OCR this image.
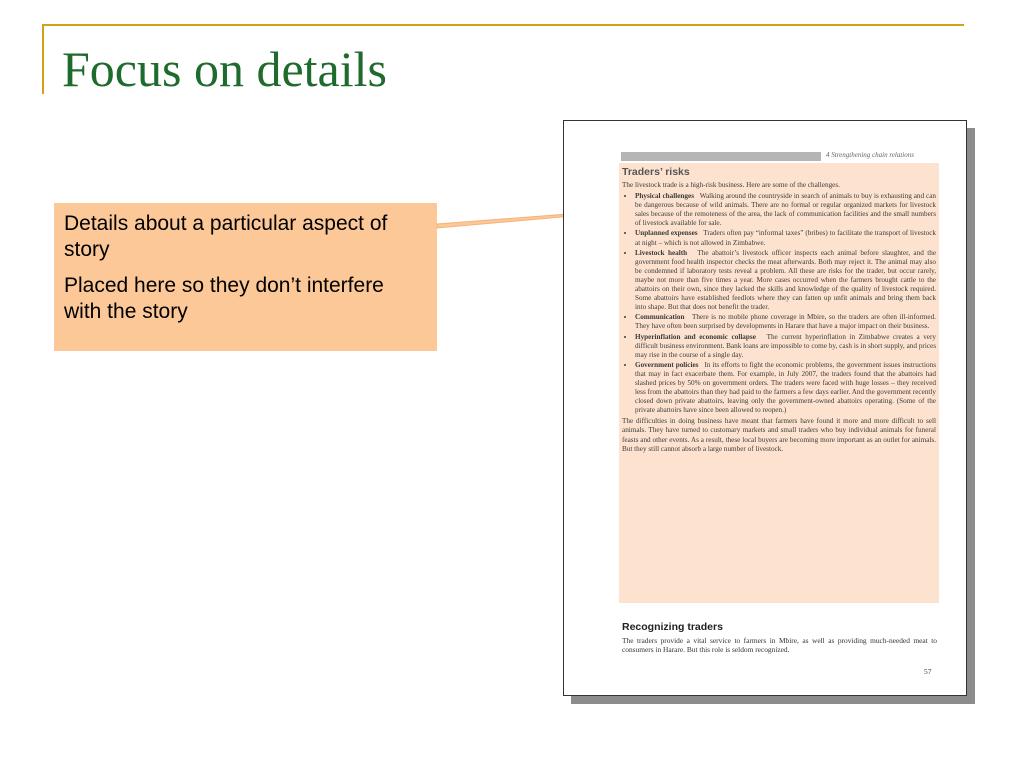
Focus on details

Details about a particular aspect of story

Placed here so they don’t interfere with the story

4 Strengthening chain relations
Traders’ risks

The livestock trade is a high-risk business. Here are some of the challenges.

• Physical challenges Walking around the countryside in search of animals to buy is exhausting and can be dangerous because of wild animals. There are no formal or regular organized markets for livestock sales because of the remoteness of the area, the lack of communication facilities and the small numbers of livestock available for sale.
• Unplanned expenses Traders often pay “informal taxes” (bribes) to facilitate the transport of livestock at night – which is not allowed in Zimbabwe.
• Livestock health The abattoir’s livestock officer inspects each animal before slaughter, and the government food health inspector checks the meat afterwards. Both may reject it. The animal may also be condemned if laboratory tests reveal a problem. All these are risks for the trader, but occur rarely, maybe not more than five times a year. More cases occurred when the farmers brought cattle to the abattoirs on their own, since they lacked the skills and knowledge of the quality of livestock required. Some abattoirs have established feedlots where they can fatten up unfit animals and bring them back into shape. But that does not benefit the trader.
• Communication There is no mobile phone coverage in Mbire, so the traders are often ill-informed. They have often been surprised by developments in Harare that have a major impact on their business.
• Hyperinflation and economic collapse The current hyperinflation in Zimbabwe creates a very difficult business environment. Bank loans are impossible to come by, cash is in short supply, and prices may rise in the course of a single day.
• Government policies In its efforts to fight the economic problems, the government issues instructions that may in fact exacerbate them. For example, in July 2007, the traders found that the abattoirs had slashed prices by 50% on government orders. The traders were faced with huge losses – they received less from the abattoirs than they had paid to the farmers a few days earlier. And the government recently closed down private abattoirs, leaving only the government-owned abattoirs operating. (Some of the private abattoirs have since been allowed to reopen.)

The difficulties in doing business have meant that farmers have found it more and more difficult to sell animals. They have turned to customary markets and small traders who buy individual animals for funeral feasts and other events. As a result, these local buyers are becoming more important as an outlet for animals. But they still cannot absorb a large number of livestock.

Recognizing traders
The traders provide a vital service to farmers in Mbire, as well as providing much-needed meat to consumers in Harare. But this role is seldom recognized.
57
